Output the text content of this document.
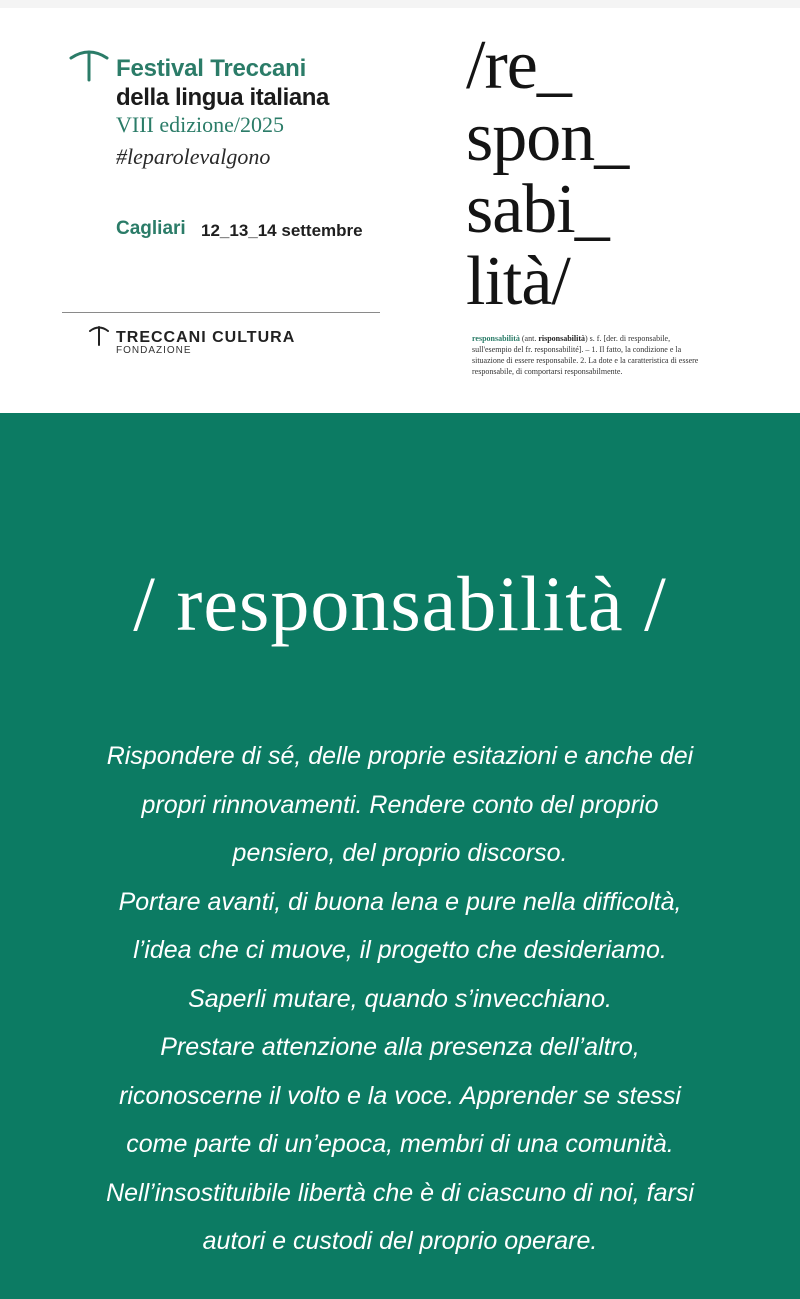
Festival Treccani
della lingua italiana
VIII edizione/2025
#leparolevalgono
Cagliari 12_13_14 settembre
TRECCANI CULTURA
FONDAZIONE
/re_
spon_
sabi_
lità/
responsabilità (ant. risponsabilità) s. f. [der. di responsabile, sull'esempio del fr. responsabilité]. – 1. Il fatto, la condizione e la situazione di essere responsabile. 2. La dote e la caratteristica di essere responsabile, di comportarsi responsabilmente.
/ responsabilità /
Rispondere di sé, delle proprie esitazioni e anche dei
propri rinnovamenti. Rendere conto del proprio
pensiero, del proprio discorso.
Portare avanti, di buona lena e pure nella difficoltà,
l’idea che ci muove, il progetto che desideriamo.
Saperli mutare, quando s’invecchiano.
Prestare attenzione alla presenza dell’altro,
riconoscerne il volto e la voce. Apprender se stessi
come parte di un’epoca, membri di una comunità.
Nell’insostituibile libertà che è di ciascuno di noi, farsi
autori e custodi del proprio operare.
